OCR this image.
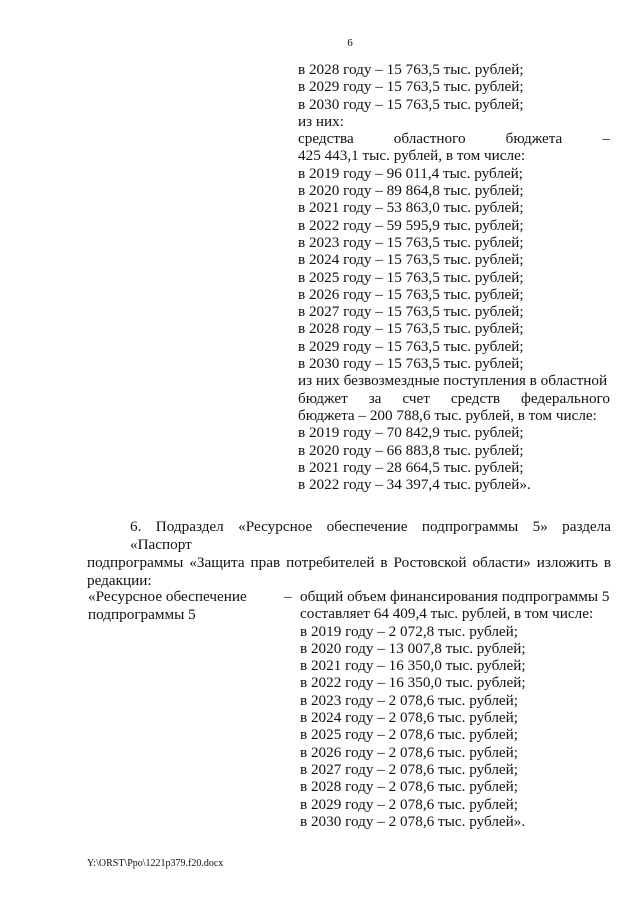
6
в 2028 году – 15 763,5 тыс. рублей;
в 2029 году – 15 763,5 тыс. рублей;
в 2030 году – 15 763,5 тыс. рублей;
из них:
средства	областного	бюджета	–
425 443,1 тыс. рублей, в том числе:
в 2019 году – 96 011,4 тыс. рублей;
в 2020 году – 89 864,8 тыс. рублей;
в 2021 году – 53 863,0 тыс. рублей;
в 2022 году – 59 595,9 тыс. рублей;
в 2023 году – 15 763,5 тыс. рублей;
в 2024 году – 15 763,5 тыс. рублей;
в 2025 году – 15 763,5 тыс. рублей;
в 2026 году – 15 763,5 тыс. рублей;
в 2027 году – 15 763,5 тыс. рублей;
в 2028 году – 15 763,5 тыс. рублей;
в 2029 году – 15 763,5 тыс. рублей;
в 2030 году – 15 763,5 тыс. рублей;
из них безвозмездные поступления в областной
бюджет за счет средств федерального
бюджета – 200 788,6 тыс. рублей, в том числе:
в 2019 году – 70 842,9 тыс. рублей;
в 2020 году – 66 883,8 тыс. рублей;
в 2021 году – 28 664,5 тыс. рублей;
в 2022 году – 34 397,4 тыс. рублей».
6. Подраздел «Ресурсное обеспечение подпрограммы 5» раздела «Паспорт
подпрограммы «Защита прав потребителей в Ростовской области» изложить в редакции:
«Ресурсное обеспечение
подпрограммы 5
– общий объем финансирования подпрограммы 5
составляет 64 409,4 тыс. рублей, в том числе:
в 2019 году – 2 072,8 тыс. рублей;
в 2020 году – 13 007,8 тыс. рублей;
в 2021 году – 16 350,0 тыс. рублей;
в 2022 году – 16 350,0 тыс. рублей;
в 2023 году – 2 078,6 тыс. рублей;
в 2024 году – 2 078,6 тыс. рублей;
в 2025 году – 2 078,6 тыс. рублей;
в 2026 году – 2 078,6 тыс. рублей;
в 2027 году – 2 078,6 тыс. рублей;
в 2028 году – 2 078,6 тыс. рублей;
в 2029 году – 2 078,6 тыс. рублей;
в 2030 году – 2 078,6 тыс. рублей».
Y:\ORST\Ppo\1221p379.f20.docx
